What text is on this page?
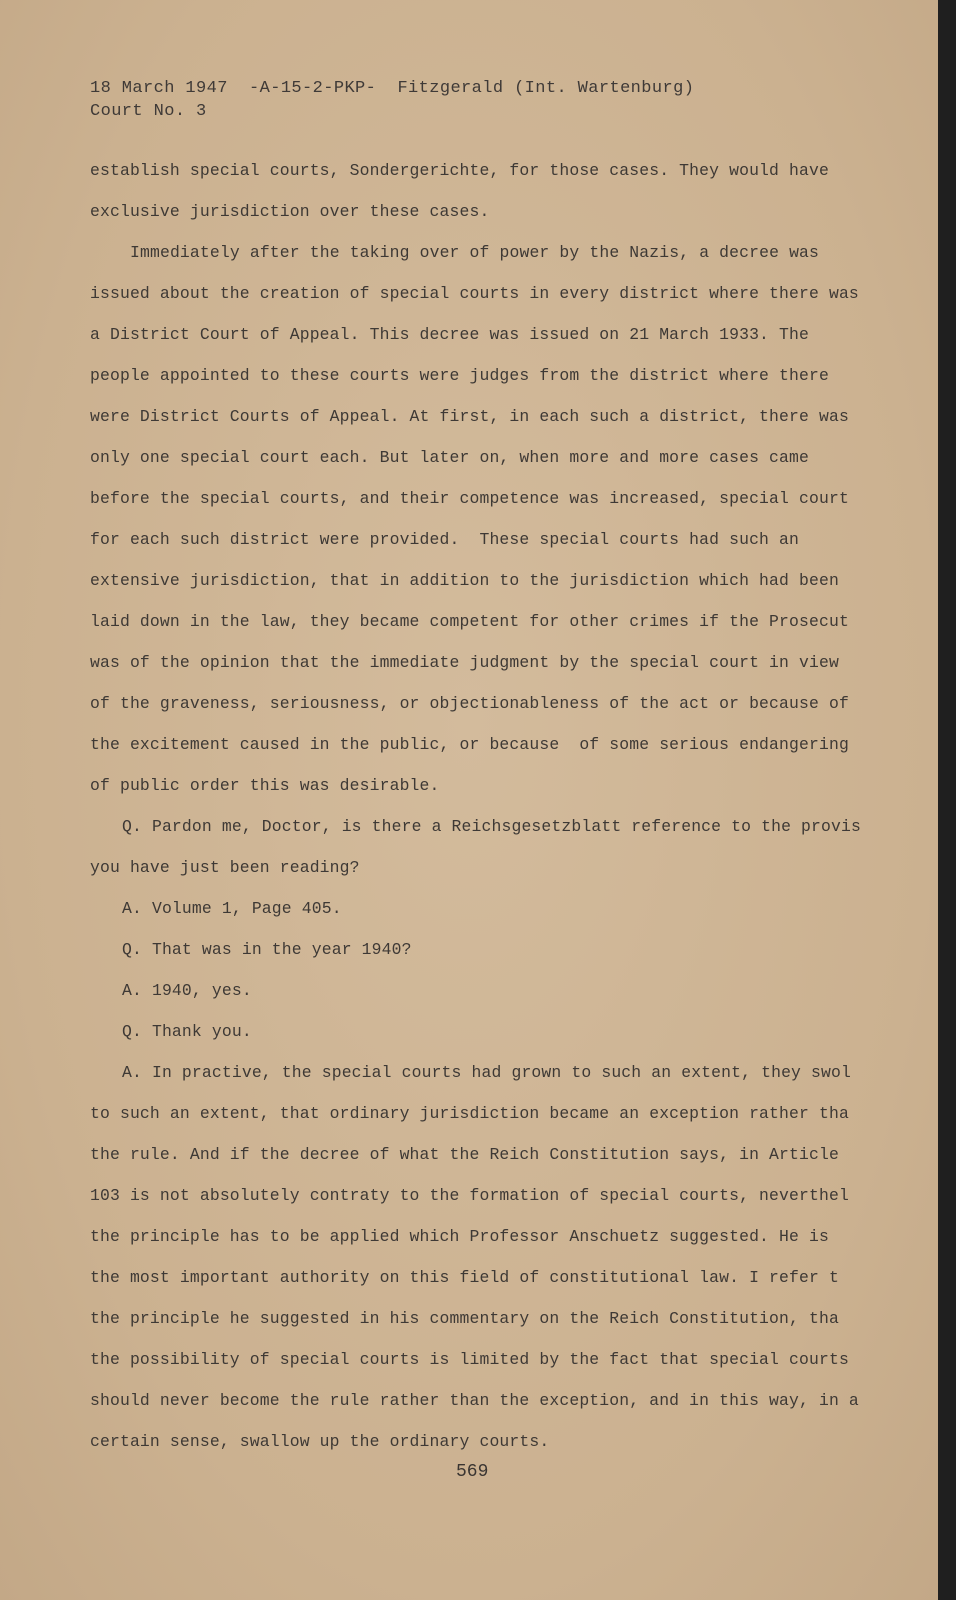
18 March 1947  -A-15-2-PKP-  Fitzgerald (Int. Wartenburg)
Court No. 3
establish special courts, Sondergerichte, for those cases. They would have
exclusive jurisdiction over these cases.
Immediately after the taking over of power by the Nazis, a decree was
issued about the creation of special courts in every district where there was
a District Court of Appeal. This decree was issued on 21 March 1933. The
people appointed to these courts were judges from the district where there
were District Courts of Appeal. At first, in each such a district, there was
only one special court each. But later on, when more and more cases came
before the special courts, and their competence was increased, special court
for each such district were provided.  These special courts had such an
extensive jurisdiction, that in addition to the jurisdiction which had been
laid down in the law, they became competent for other crimes if the Prosecut
was of the opinion that the immediate judgment by the special court in view
of the graveness, seriousness, or objectionableness of the act or because of
the excitement caused in the public, or because  of some serious endangering
of public order this was desirable.
Q. Pardon me, Doctor, is there a Reichsgesetzblatt reference to the provis
you have just been reading?
A. Volume 1, Page 405.
Q. That was in the year 1940?
A. 1940, yes.
Q. Thank you.
A. In practive, the special courts had grown to such an extent, they swol
to such an extent, that ordinary jurisdiction became an exception rather tha
the rule. And if the decree of what the Reich Constitution says, in Article
103 is not absolutely contraty to the formation of special courts, neverthel
the principle has to be applied which Professor Anschuetz suggested. He is
the most important authority on this field of constitutional law. I refer t
the principle he suggested in his commentary on the Reich Constitution, tha
the possibility of special courts is limited by the fact that special courts
should never become the rule rather than the exception, and in this way, in a
certain sense, swallow up the ordinary courts.
569
